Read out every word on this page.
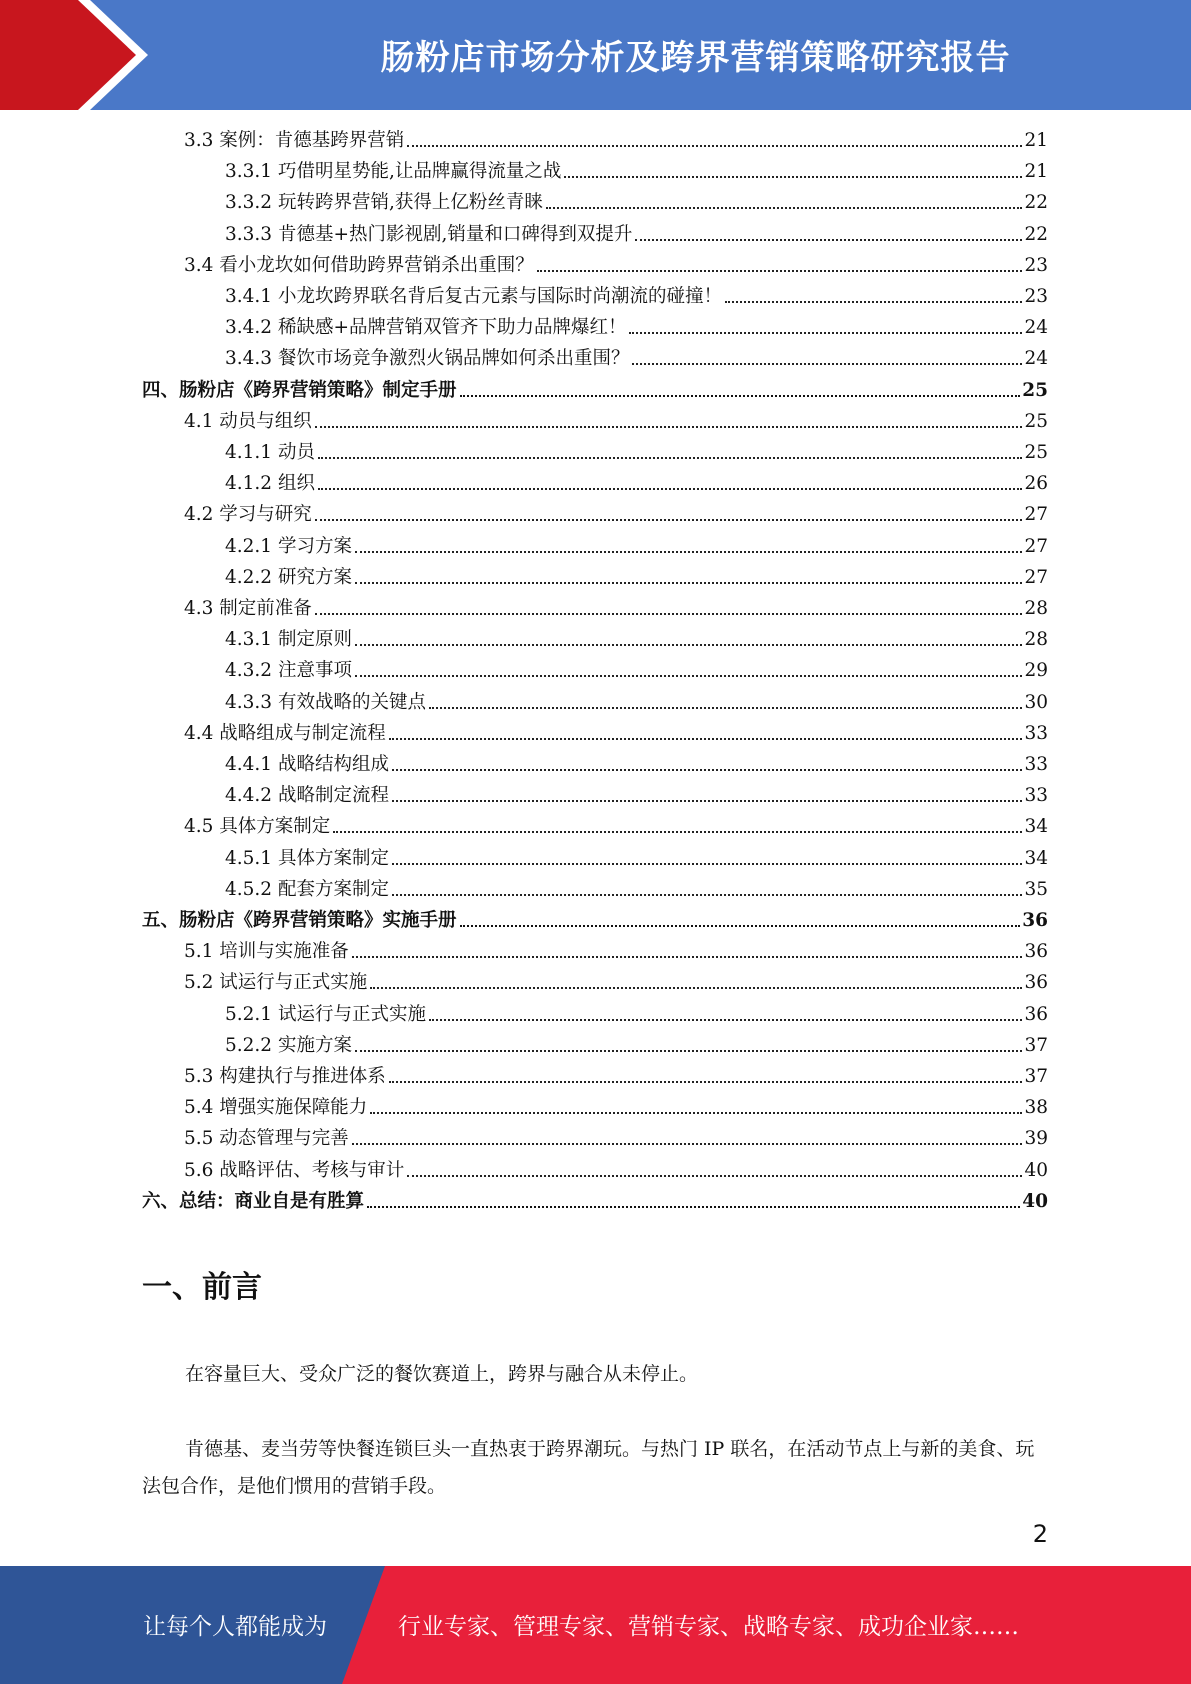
肠粉店市场分析及跨界营销策略研究报告
3.3 案例：肯德基跨界营销	21
3.3.1 巧借明星势能,让品牌赢得流量之战	21
3.3.2 玩转跨界营销,获得上亿粉丝青睐	22
3.3.3 肯德基+热门影视剧,销量和口碑得到双提升	22
3.4 看小龙坎如何借助跨界营销杀出重围？	23
3.4.1 小龙坎跨界联名背后复古元素与国际时尚潮流的碰撞！	23
3.4.2 稀缺感+品牌营销双管齐下助力品牌爆红！	24
3.4.3 餐饮市场竞争激烈火锅品牌如何杀出重围？	24
四、肠粉店《跨界营销策略》制定手册	25
4.1 动员与组织	25
4.1.1 动员	25
4.1.2 组织	26
4.2 学习与研究	27
4.2.1 学习方案	27
4.2.2 研究方案	27
4.3 制定前准备	28
4.3.1 制定原则	28
4.3.2 注意事项	29
4.3.3 有效战略的关键点	30
4.4 战略组成与制定流程	33
4.4.1 战略结构组成	33
4.4.2 战略制定流程	33
4.5 具体方案制定	34
4.5.1 具体方案制定	34
4.5.2 配套方案制定	35
五、肠粉店《跨界营销策略》实施手册	36
5.1 培训与实施准备	36
5.2 试运行与正式实施	36
5.2.1 试运行与正式实施	36
5.2.2 实施方案	37
5.3 构建执行与推进体系	37
5.4 增强实施保障能力	38
5.5 动态管理与完善	39
5.6 战略评估、考核与审计	40
六、总结：商业自是有胜算	40
一、前言
在容量巨大、受众广泛的餐饮赛道上，跨界与融合从未停止。
肯德基、麦当劳等快餐连锁巨头一直热衷于跨界潮玩。与热门 IP 联名，在活动节点上与新的美食、玩法包合作，是他们惯用的营销手段。
2
让每个人都能成为	行业专家、管理专家、营销专家、战略专家、成功企业家……
